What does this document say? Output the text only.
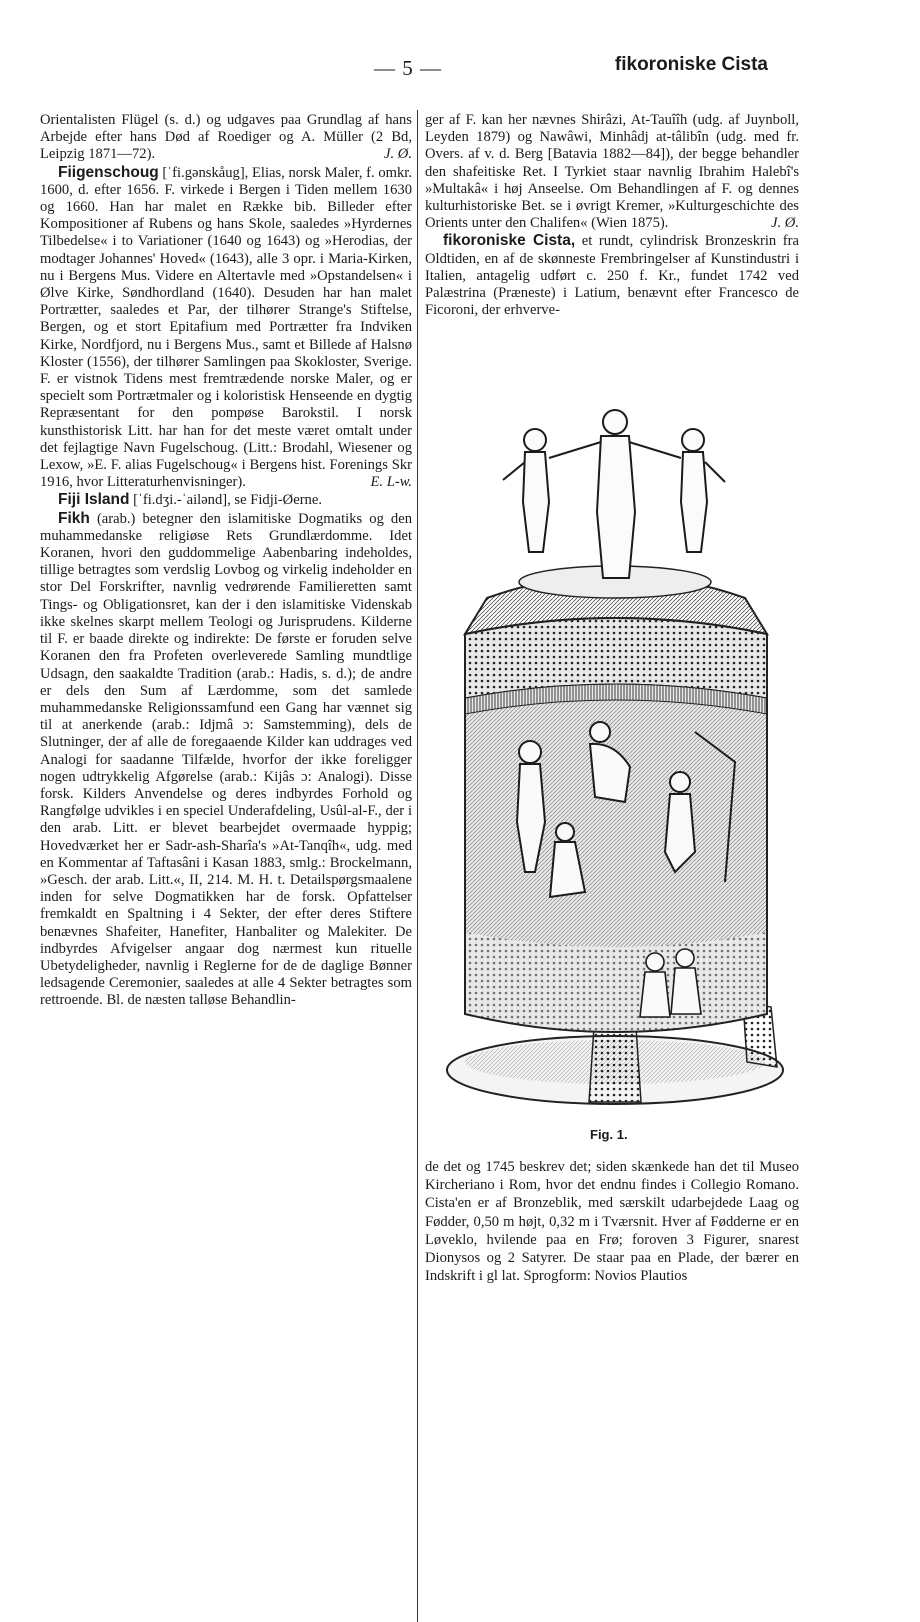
— 5 —	fikoroniske Cista

Orientalisten Flügel (s. d.) og udgaves paa Grundlag af hans Arbejde efter hans Død af Roediger og A. Müller (2 Bd, Leipzig 1871—72).	J. Ø.

Fiigenschoug [ˈfi.gənskåug], Elias, norsk Maler, f. omkr. 1600, d. efter 1656. F. virkede i Bergen i Tiden mellem 1630 og 1660. Han har malet en Række bib. Billeder efter Kompositioner af Rubens og hans Skole, saaledes »Hyrdernes Tilbedelse« i to Variationer (1640 og 1643) og »Herodias, der modtager Johannes' Hoved« (1643), alle 3 opr. i Maria-Kirken, nu i Bergens Mus. Videre en Altertavle med »Opstandelsen« i Ølve Kirke, Søndhordland (1640). Desuden har han malet Portrætter, saaledes et Par, der tilhører Strange's Stiftelse, Bergen, og et stort Epitafium med Portrætter fra Indviken Kirke, Nordfjord, nu i Bergens Mus., samt et Billede af Halsnø Kloster (1556), der tilhører Samlingen paa Skokloster, Sverige. F. er vistnok Tidens mest fremtrædende norske Maler, og er specielt som Portrætmaler og i koloristisk Henseende en dygtig Repræsentant for den pompøse Barokstil. I norsk kunsthistorisk Litt. har han for det meste været omtalt under det fejlagtige Navn Fugelschoug. (Litt.: Brodahl, Wiesener og Lexow, »E. F. alias Fugelschoug« i Bergens hist. Forenings Skr 1916, hvor Litteraturhenvisninger).	E. L-w.

Fiji Island [ˈfi.dʒi.-ˈailənd], se Fidji-Øerne.

Fikh (arab.) betegner den islamitiske Dogmatiks og den muhammedanske religiøse Rets Grundlærdomme. Idet Koranen, hvori den guddommelige Aabenbaring indeholdes, tillige betragtes som verdslig Lovbog og virkelig indeholder en stor Del Forskrifter, navnlig vedrørende Familieretten samt Tings- og Obligationsret, kan der i den islamitiske Videnskab ikke skelnes skarpt mellem Teologi og Jurisprudens. Kilderne til F. er baade direkte og indirekte: De første er foruden selve Koranen den fra Profeten overleverede Samling mundtlige Udsagn, den saakaldte Tradition (arab.: Hadis, s. d.); de andre er dels den Sum af Lærdomme, som det samlede muhammedanske Religionssamfund een Gang har vænnet sig til at anerkende (arab.: Idjmâ ɔ: Samstemming), dels de Slutninger, der af alle de foregaaende Kilder kan uddrages ved Analogi for saadanne Tilfælde, hvorfor der ikke foreligger nogen udtrykkelig Afgørelse (arab.: Kijâs ɔ: Analogi). Disse forsk. Kilders Anvendelse og deres indbyrdes Forhold og Rangfølge udvikles i en speciel Underafdeling, Usûl-al-F., der i den arab. Litt. er blevet bearbejdet overmaade hyppig; Hovedværket her er Sadr-ash-Sharîa's »At-Tanqîh«, udg. med en Kommentar af Taftasâni i Kasan 1883, smlg.: Brockelmann, »Gesch. der arab. Litt.«, II, 214. M. H. t. Detailspørgsmaalene inden for selve Dogmatikken har de forsk. Opfattelser fremkaldt en Spaltning i 4 Sekter, der efter deres Stiftere benævnes Shafeiter, Hanefiter, Hanbaliter og Malekiter. De indbyrdes Afvigelser angaar dog nærmest kun rituelle Ubetydeligheder, navnlig i Reglerne for de de daglige Bønner ledsagende Ceremonier, saaledes at alle 4 Sekter betragtes som rettroende. Bl. de næsten talløse Behandlin-

ger af F. kan her nævnes Shirâzi, At-Tauîîh (udg. af Juynboll, Leyden 1879) og Nawâwi, Minhâdj at-tâlibîn (udg. med fr. Overs. af v. d. Berg [Batavia 1882—84]), der begge behandler den shafeitiske Ret. I Tyrkiet staar navnlig Ibrahim Halebî's »Multakâ« i høj Anseelse. Om Behandlingen af F. og dennes kulturhistoriske Bet. se i øvrigt Kremer, »Kulturgeschichte des Orients unter den Chalifen« (Wien 1875).	J. Ø.

fikoroniske Cista, et rundt, cylindrisk Bronzeskrin fra Oldtiden, en af de skønneste Frembringelser af Kunstindustri i Italien, antagelig udført c. 250 f. Kr., fundet 1742 ved Palæstrina (Præneste) i Latium, benævnt efter Francesco de Ficoroni, der erhverve-

Fig. 1.

de det og 1745 beskrev det; siden skænkede han det til Museo Kircheriano i Rom, hvor det endnu findes i Collegio Romano. Cista'en er af Bronzeblik, med særskilt udarbejdede Laag og Fødder, 0,50 m højt, 0,32 m i Tværsnit. Hver af Fødderne er en Løveklo, hvilende paa en Frø; foroven 3 Figurer, snarest Dionysos og 2 Satyrer. De staar paa en Plade, der bærer en Indskrift i gl lat. Sprogform: Novios Plautios
